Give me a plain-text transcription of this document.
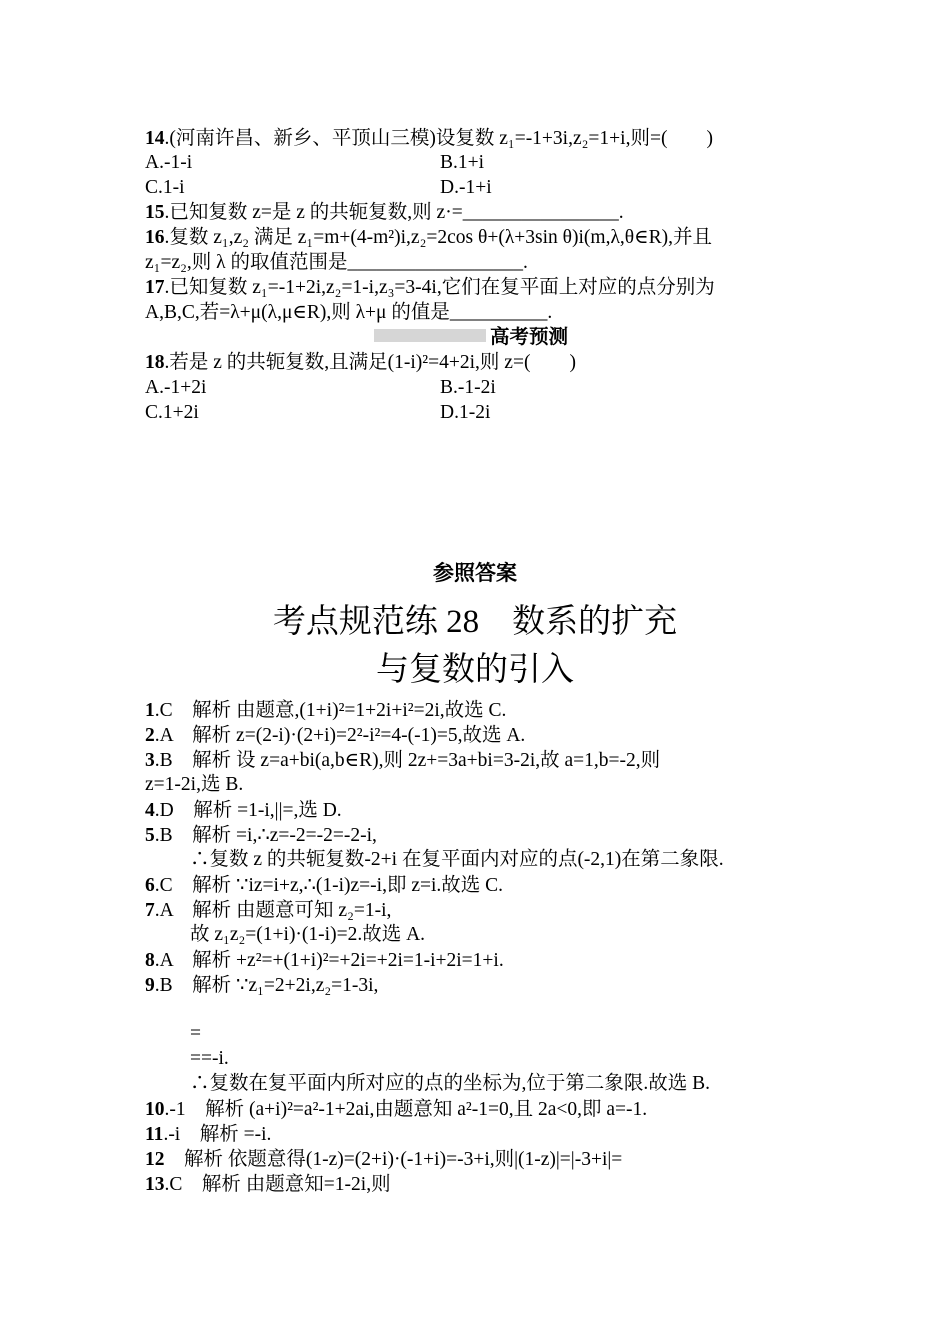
14.(河南许昌、新乡、平顶山三模)设复数 z₁=-1+3i,z₂=1+i,则=(　　)
A.-1-i	B.1+i
C.1-i	D.-1+i
15.已知复数 z=是 z 的共轭复数,则 z·=________________.
16.复数 z₁,z₂ 满足 z₁=m+(4-m²)i,z₂=2cos θ+(λ+3sin θ)i(m,λ,θ∈R),并且
z₁=z₂,则 λ 的取值范围是__________________.
17.已知复数 z₁=-1+2i,z₂=1-i,z₃=3-4i,它们在复平面上对应的点分别为
A,B,C,若=λ+μ(λ,μ∈R),则 λ+μ 的值是__________.
高考预测
18.若是 z 的共轭复数,且满足(1-i)²=4+2i,则 z=(　　)
A.-1+2i	B.-1-2i
C.1+2i	D.1-2i
参照答案
考点规范练 28　数系的扩充
与复数的引入
1.C　 解析 由题意,(1+i)²=1+2i+i²=2i,故选 C.
2.A　 解析 z=(2-i)·(2+i)=2²-i²=4-(-1)=5,故选 A.
3.B　 解析 设 z=a+bi(a,b∈R),则 2z+=3a+bi=3-2i,故 a=1,b=-2,则
z=1-2i,选 B.
4.D　 解析 =1-i,||=,选 D.
5.B　 解析 =i,∴z=-2=-2=-2-i,
∴复数 z 的共轭复数-2+i 在复平面内对应的点(-2,1)在第二象限.
6.C　 解析 ∵iz=i+z,∴(1-i)z=-i,即 z=i.故选 C.
7.A　 解析 由题意可知 z₂=1-i,
故 z₁z₂=(1+i)·(1-i)=2.故选 A.
8.A　 解析 +z²=+(1+i)²=+2i=+2i=1-i+2i=1+i.
9.B　 解析 ∵z₁=2+2i,z₂=1-3i,
=
==-i.
∴复数在复平面内所对应的点的坐标为,位于第二象限.故选 B.
10.-1　 解析 (a+i)²=a²-1+2ai,由题意知 a²-1=0,且 2a<0,即 a=-1.
11.-i　 解析 =-i.
12　 解析 依题意得(1-z)=(2+i)·(-1+i)=-3+i,则|(1-z)|=|-3+i|=
13.C　 解析 由题意知=1-2i,则
